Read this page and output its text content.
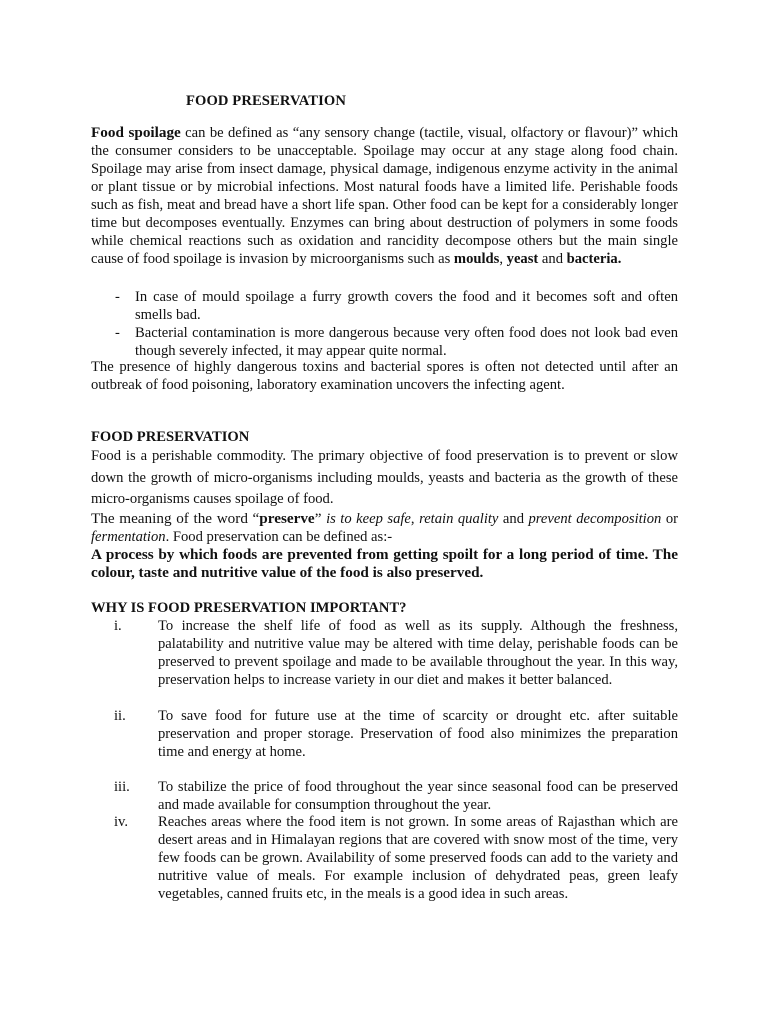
FOOD PRESERVATION
Food spoilage can be defined as “any sensory change (tactile, visual, olfactory or flavour)” which the consumer considers to be unacceptable. Spoilage may occur at any stage along food chain. Spoilage may arise from insect damage, physical damage, indigenous enzyme activity in the animal or plant tissue or by microbial infections. Most natural foods have a limited life. Perishable foods such as fish, meat and bread have a short life span. Other food can be kept for a considerably longer time but decomposes eventually. Enzymes can bring about destruction of polymers in some foods while chemical reactions such as oxidation and rancidity decompose others but the main single cause of food spoilage is invasion by microorganisms such as moulds, yeast and bacteria.
- In case of mould spoilage a furry growth covers the food and it becomes soft and often smells bad.
- Bacterial contamination is more dangerous because very often food does not look bad even though severely infected, it may appear quite normal.
The presence of highly dangerous toxins and bacterial spores is often not detected until after an outbreak of food poisoning, laboratory examination uncovers the infecting agent.
FOOD PRESERVATION
Food is a perishable commodity. The primary objective of food preservation is to prevent or slow down the growth of micro-organisms including moulds, yeasts and bacteria as the growth of these micro-organisms causes spoilage of food.
The meaning of the word “preserve” is to keep safe, retain quality and prevent decomposition or fermentation. Food preservation can be defined as:-
A process by which foods are prevented from getting spoilt for a long period of time. The colour, taste and nutritive value of the food is also preserved.
WHY IS FOOD PRESERVATION IMPORTANT?
i. To increase the shelf life of food as well as its supply. Although the freshness, palatability and nutritive value may be altered with time delay, perishable foods can be preserved to prevent spoilage and made to be available throughout the year. In this way, preservation helps to increase variety in our diet and makes it better balanced.
ii. To save food for future use at the time of scarcity or drought etc. after suitable preservation and proper storage. Preservation of food also minimizes the preparation time and energy at home.
iii. To stabilize the price of food throughout the year since seasonal food can be preserved and made available for consumption throughout the year.
iv. Reaches areas where the food item is not grown. In some areas of Rajasthan which are desert areas and in Himalayan regions that are covered with snow most of the time, very few foods can be grown. Availability of some preserved foods can add to the variety and nutritive value of meals. For example inclusion of dehydrated peas, green leafy vegetables, canned fruits etc, in the meals is a good idea in such areas.
